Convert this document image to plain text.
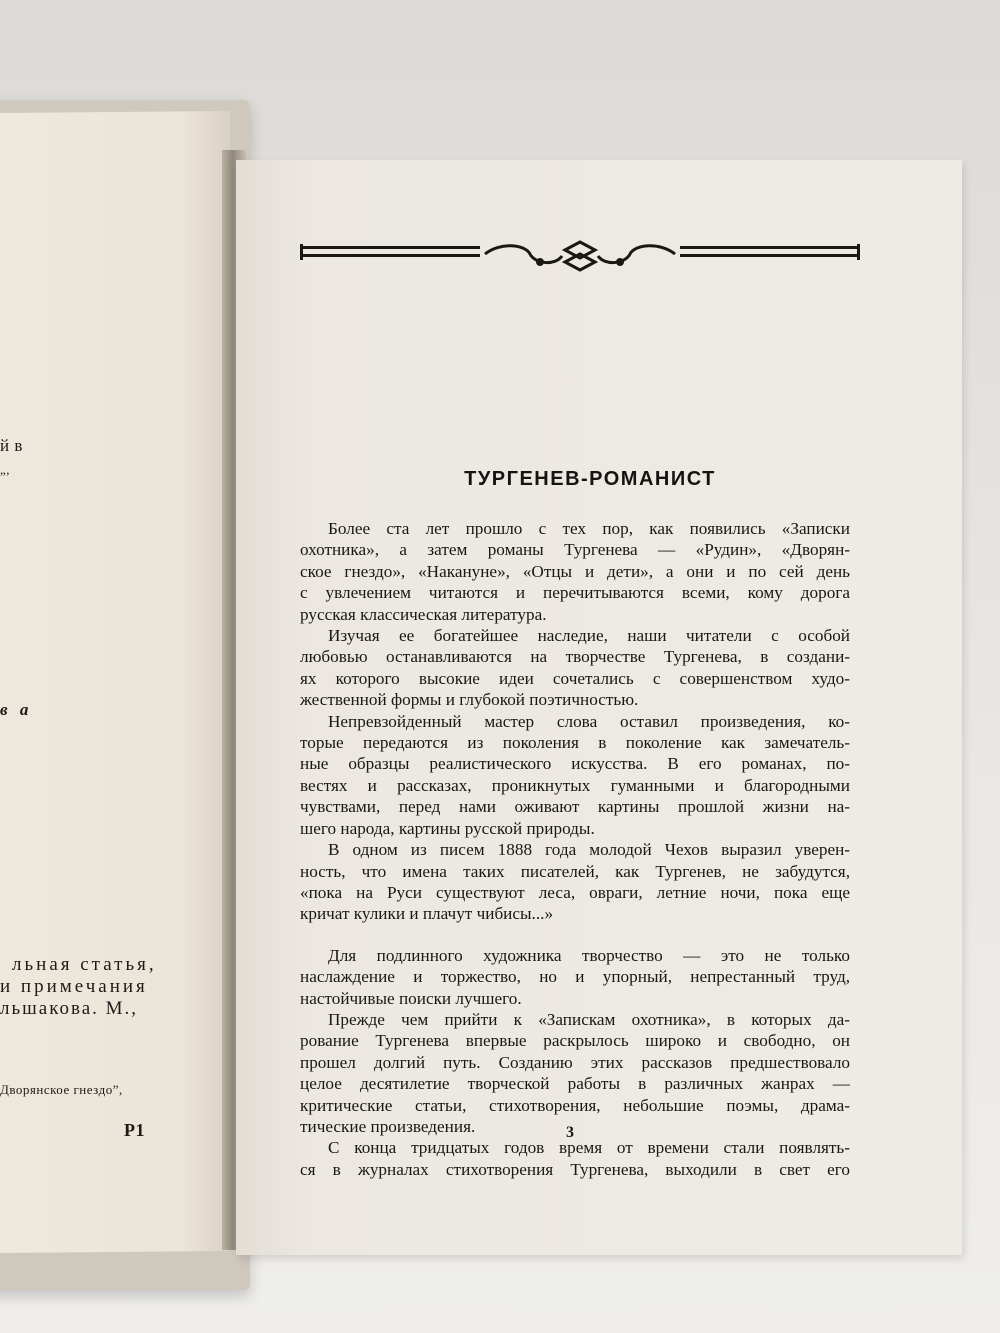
й в
„,
в а
льная статья,
и примечания
льшакова. М.,
Дворянское гнездо”,
Р1
ТУРГЕНЕВ-РОМАНИСТ

Более ста лет прошло с тех пор, как появились «Записки

охотника», а затем романы Тургенева — «Рудин», «Дворян-

ское гнездо», «Накануне», «Отцы и дети», а они и по сей день

с увлечением читаются и перечитываются всеми, кому дорога

русская классическая литература.

Изучая ее богатейшее наследие, наши читатели с особой

любовью останавливаются на творчестве Тургенева, в создани-

ях которого высокие идеи сочетались с совершенством худо-

жественной формы и глубокой поэтичностью.

Непревзойденный мастер слова оставил произведения, ко-

торые передаются из поколения в поколение как замечатель-

ные образцы реалистического искусства. В его романах, по-

вестях и рассказах, проникнутых гуманными и благородными

чувствами, перед нами оживают картины прошлой жизни на-

шего народа, картины русской природы.

В одном из писем 1888 года молодой Чехов выразил уверен-

ность, что имена таких писателей, как Тургенев, не забудутся,

«пока на Руси существуют леса, овраги, летние ночи, пока еще

кричат кулики и плачут чибисы...»

Для подлинного художника творчество — это не только

наслаждение и торжество, но и упорный, непрестанный труд,

настойчивые поиски лучшего.

Прежде чем прийти к «Запискам охотника», в которых да-

рование Тургенева впервые раскрылось широко и свободно, он

прошел долгий путь. Созданию этих рассказов предшествовало

целое десятилетие творческой работы в различных жанрах —

критические статьи, стихотворения, небольшие поэмы, драма-

тические произведения.

С конца тридцатых годов время от времени стали появлять-

ся в журналах стихотворения Тургенева, выходили в свет его

3
